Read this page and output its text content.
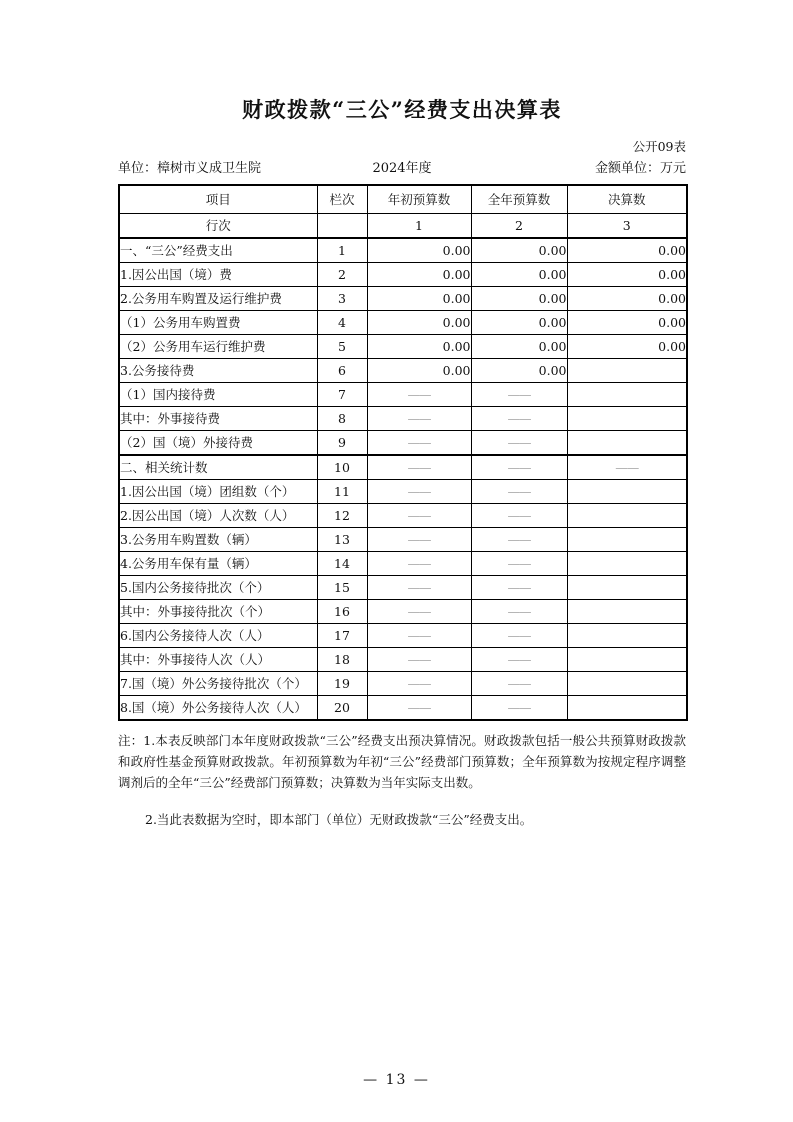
财政拨款“三公”经费支出决算表
公开09表
单位：樟树市义成卫生院	2024年度	金额单位：万元
项目	栏次	年初预算数	全年预算数	决算数
行次		1	2	3
一、“三公”经费支出	1	0.00	0.00	0.00
1.因公出国（境）费	2	0.00	0.00	0.00
2.公务用车购置及运行维护费	3	0.00	0.00	0.00
（1）公务用车购置费	4	0.00	0.00	0.00
（2）公务用车运行维护费	5	0.00	0.00	0.00
3.公务接待费	6	0.00	0.00	
（1）国内接待费	7	——	——	
其中：外事接待费	8	——	——	
（2）国（境）外接待费	9	——	——	
二、相关统计数	10	——	——	——
1.因公出国（境）团组数（个）	11	——	——	
2.因公出国（境）人次数（人）	12	——	——	
3.公务用车购置数（辆）	13	——	——	
4.公务用车保有量（辆）	14	——	——	
5.国内公务接待批次（个）	15	——	——	
其中：外事接待批次（个）	16	——	——	
6.国内公务接待人次（人）	17	——	——	
其中：外事接待人次（人）	18	——	——	
7.国（境）外公务接待批次（个）	19	——	——	
8.国（境）外公务接待人次（人）	20	——	——	
注：1.本表反映部门本年度财政拨款“三公”经费支出预决算情况。财政拨款包括一般公共预算财政拨款和政府性基金预算财政拨款。年初预算数为年初“三公”经费部门预算数；全年预算数为按规定程序调整调剂后的全年“三公”经费部门预算数；决算数为当年实际支出数。
2.当此表数据为空时，即本部门（单位）无财政拨款“三公”经费支出。
— 13 —
